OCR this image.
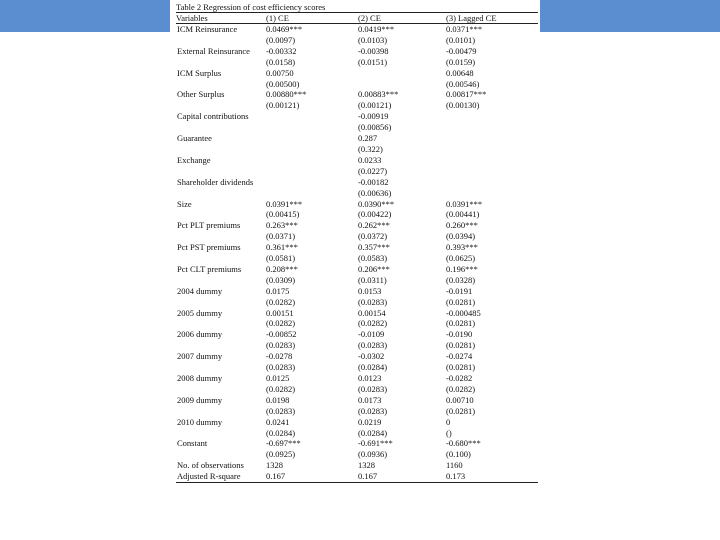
Table 2 Regression of cost efficiency scores
Variables	(1) CE	(2) CE	(3) Lagged CE
ICM Reinsurance	0.0469***	0.0419***	0.0371***
	(0.0097)	(0.0103)	(0.0101)
External Reinsurance	-0.00332	-0.00398	-0.00479
	(0.0158)	(0.0151)	(0.0159)
ICM Surplus	0.00750		0.00648
	(0.00500)		(0.00546)
Other Surplus	0.00880***	0.00883***	0.00817***
	(0.00121)	(0.00121)	(0.00130)
Capital contributions		-0.00919	
		(0.00856)	
Guarantee		0.287	
		(0.322)	
Exchange		0.0233	
		(0.0227)	
Shareholder dividends		-0.00182	
		(0.00636)	
Size	0.0391***	0.0390***	0.0391***
	(0.00415)	(0.00422)	(0.00441)
Pct PLT premiums	0.263***	0.262***	0.260***
	(0.0371)	(0.0372)	(0.0394)
Pct PST premiums	0.361***	0.357***	0.393***
	(0.0581)	(0.0583)	(0.0625)
Pct CLT premiums	0.208***	0.206***	0.196***
	(0.0309)	(0.0311)	(0.0328)
2004 dummy	0.0175	0.0153	-0.0191
	(0.0282)	(0.0283)	(0.0281)
2005 dummy	0.00151	0.00154	-0.000485
	(0.0282)	(0.0282)	(0.0281)
2006 dummy	-0.00852	-0.0109	-0.0190
	(0.0283)	(0.0283)	(0.0281)
2007 dummy	-0.0278	-0.0302	-0.0274
	(0.0283)	(0.0284)	(0.0281)
2008 dummy	0.0125	0.0123	-0.0282
	(0.0282)	(0.0283)	(0.0282)
2009 dummy	0.0198	0.0173	0.00710
	(0.0283)	(0.0283)	(0.0281)
2010 dummy	0.0241	0.0219	0
	(0.0284)	(0.0284)	()
Constant	-0.697***	-0.691***	-0.680***
	(0.0925)	(0.0936)	(0.100)
No. of observations	1328	1328	1160
Adjusted R-square	0.167	0.167	0.173
